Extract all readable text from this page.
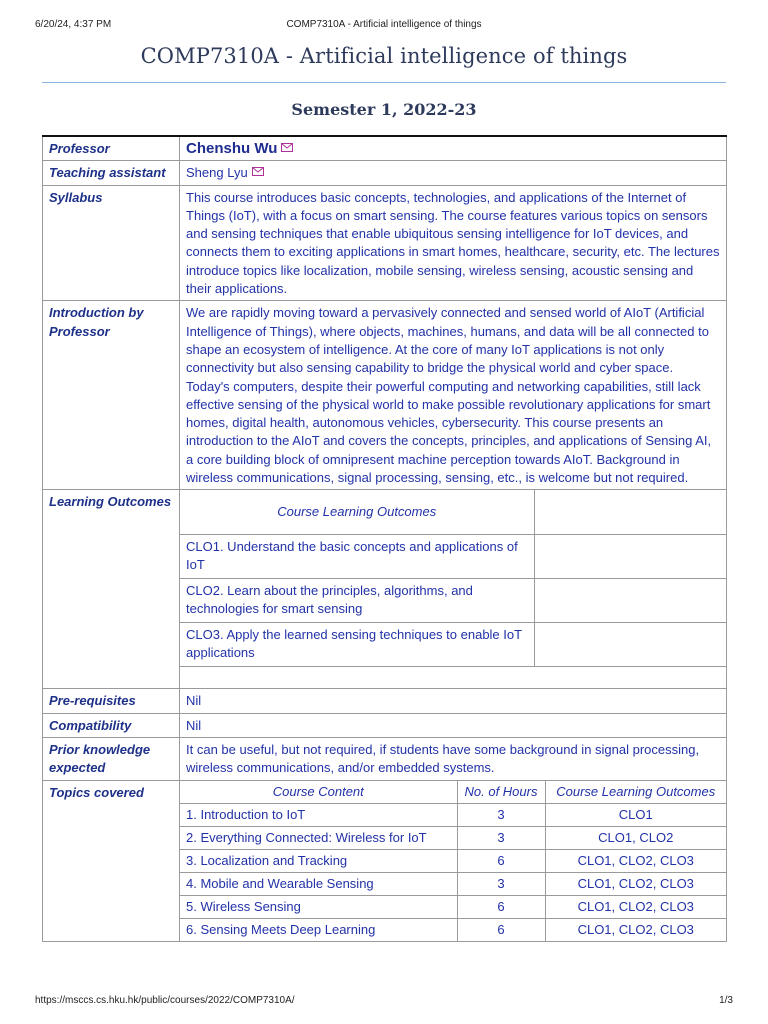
6/20/24, 4:37 PM	COMP7310A - Artificial intelligence of things
COMP7310A - Artificial intelligence of things
Semester 1, 2022-23
Professor	Chenshu Wu

Teaching assistant	Sheng Lyu

Syllabus	This course introduces basic concepts, technologies, and applications of the Internet of Things (IoT), with a focus on smart sensing. The course features various topics on sensors and sensing techniques that enable ubiquitous sensing intelligence for IoT devices, and connects them to exciting applications in smart homes, healthcare, security, etc. The lectures introduce topics like localization, mobile sensing, wireless sensing, acoustic sensing and their applications.
Introduction by Professor	We are rapidly moving toward a pervasively connected and sensed world of AIoT (Artificial Intelligence of Things), where objects, machines, humans, and data will be all connected to shape an ecosystem of intelligence. At the core of many IoT applications is not only connectivity but also sensing capability to bridge the physical world and cyber space. Today's computers, despite their powerful computing and networking capabilities, still lack effective sensing of the physical world to make possible revolutionary applications for smart homes, digital health, autonomous vehicles, cybersecurity. This course presents an introduction to the AIoT and covers the concepts, principles, and applications of Sensing AI, a core building block of omnipresent machine perception towards AIoT. Background in wireless communications, signal processing, sensing, etc., is welcome but not required.
Learning Outcomes	
Course Learning Outcomes	
CLO1. Understand the basic concepts and applications of IoT	
CLO2. Learn about the principles, algorithms, and technologies for smart sensing	
CLO3. Apply the learned sensing techniques to enable IoT applications	

Pre-requisites	Nil
Compatibility	Nil
Prior knowledge expected	It can be useful, but not required, if students have some background in signal processing, wireless communications, and/or embedded systems.
Topics covered		Course Content	No. of Hours	Course Learning Outcomes
1. Introduction to IoT	3	CLO1
2. Everything Connected: Wireless for IoT	3	CLO1, CLO2
3. Localization and Tracking	6	CLO1, CLO2, CLO3
4. Mobile and Wearable Sensing	3	CLO1, CLO2, CLO3
5. Wireless Sensing	6	CLO1, CLO2, CLO3
6. Sensing Meets Deep Learning	6	CLO1, CLO2, CLO3
https://msccs.cs.hku.hk/public/courses/2022/COMP7310A/	1/3
